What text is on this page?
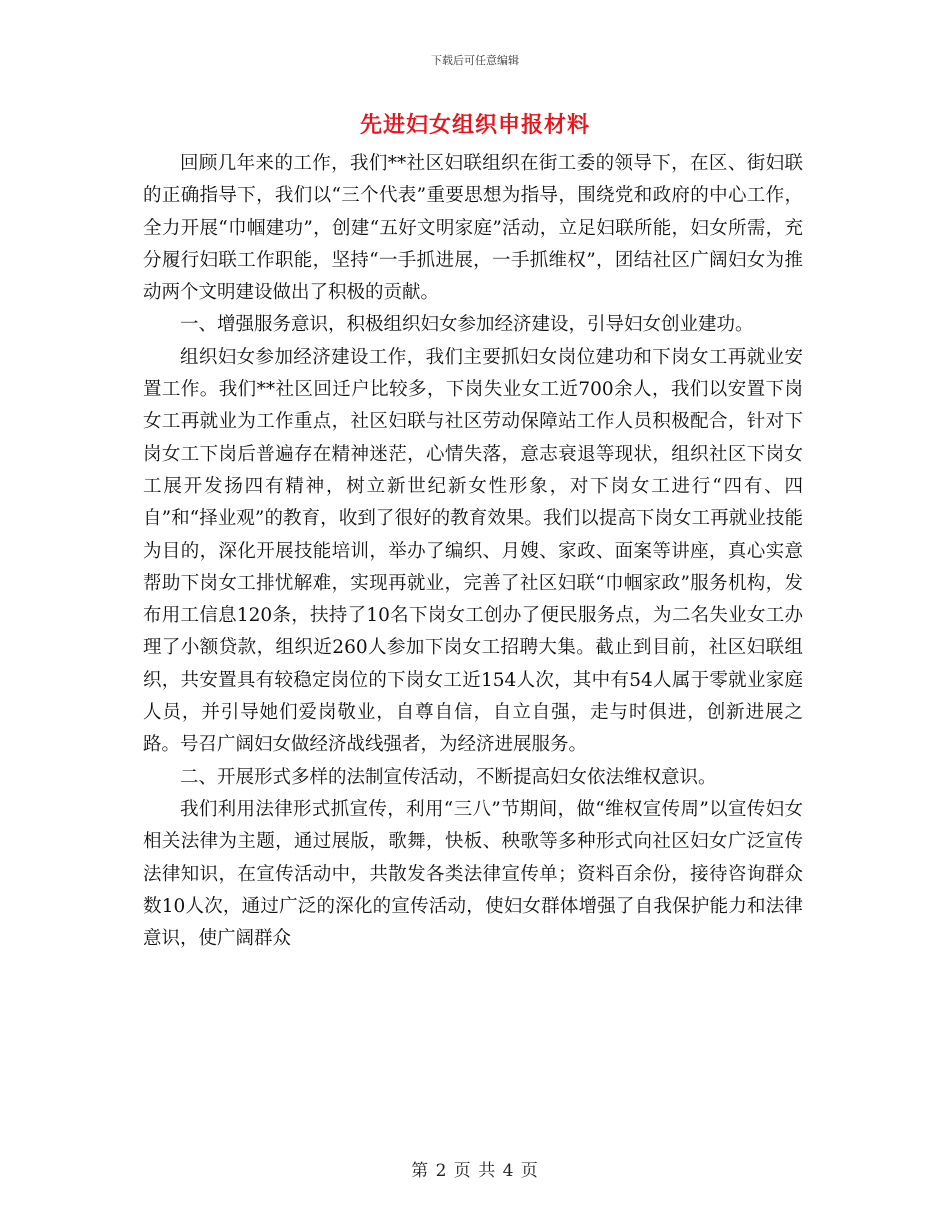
下载后可任意编辑
先进妇女组织申报材料

回顾几年来的工作，我们**社区妇联组织在街工委的领导下，在区、街妇联的正确指导下，我们以“三个代表”重要思想为指导，围绕党和政府的中心工作，全力开展“巾帼建功”，创建“五好文明家庭”活动，立足妇联所能，妇女所需，充分履行妇联工作职能，坚持“一手抓进展，一手抓维权”，团结社区广阔妇女为推动两个文明建设做出了积极的贡献。

一、增强服务意识，积极组织妇女参加经济建设，引导妇女创业建功。

组织妇女参加经济建设工作，我们主要抓妇女岗位建功和下岗女工再就业安置工作。我们**社区回迁户比较多，下岗失业女工近700余人，我们以安置下岗女工再就业为工作重点，社区妇联与社区劳动保障站工作人员积极配合，针对下岗女工下岗后普遍存在精神迷茫，心情失落，意志衰退等现状，组织社区下岗女工展开发扬四有精神，树立新世纪新女性形象，对下岗女工进行“四有、四自”和“择业观”的教育，收到了很好的教育效果。我们以提高下岗女工再就业技能为目的，深化开展技能培训，举办了编织、月嫂、家政、面案等讲座，真心实意帮助下岗女工排忧解难，实现再就业，完善了社区妇联“巾帼家政”服务机构，发布用工信息120条，扶持了10名下岗女工创办了便民服务点，为二名失业女工办理了小额贷款，组织近260人参加下岗女工招聘大集。截止到目前，社区妇联组织，共安置具有较稳定岗位的下岗女工近154人次，其中有54人属于零就业家庭人员，并引导她们爱岗敬业，自尊自信，自立自强，走与时俱进，创新进展之路。号召广阔妇女做经济战线强者，为经济进展服务。

二、开展形式多样的法制宣传活动，不断提高妇女依法维权意识。

我们利用法律形式抓宣传，利用“三八”节期间，做“维权宣传周”以宣传妇女相关法律为主题，通过展版，歌舞，快板、秧歌等多种形式向社区妇女广泛宣传法律知识，在宣传活动中，共散发各类法律宣传单；资料百余份，接待咨询群众数10人次，通过广泛的深化的宣传活动，使妇女群体增强了自我保护能力和法律意识，使广阔群众

第 2 页 共 4 页
